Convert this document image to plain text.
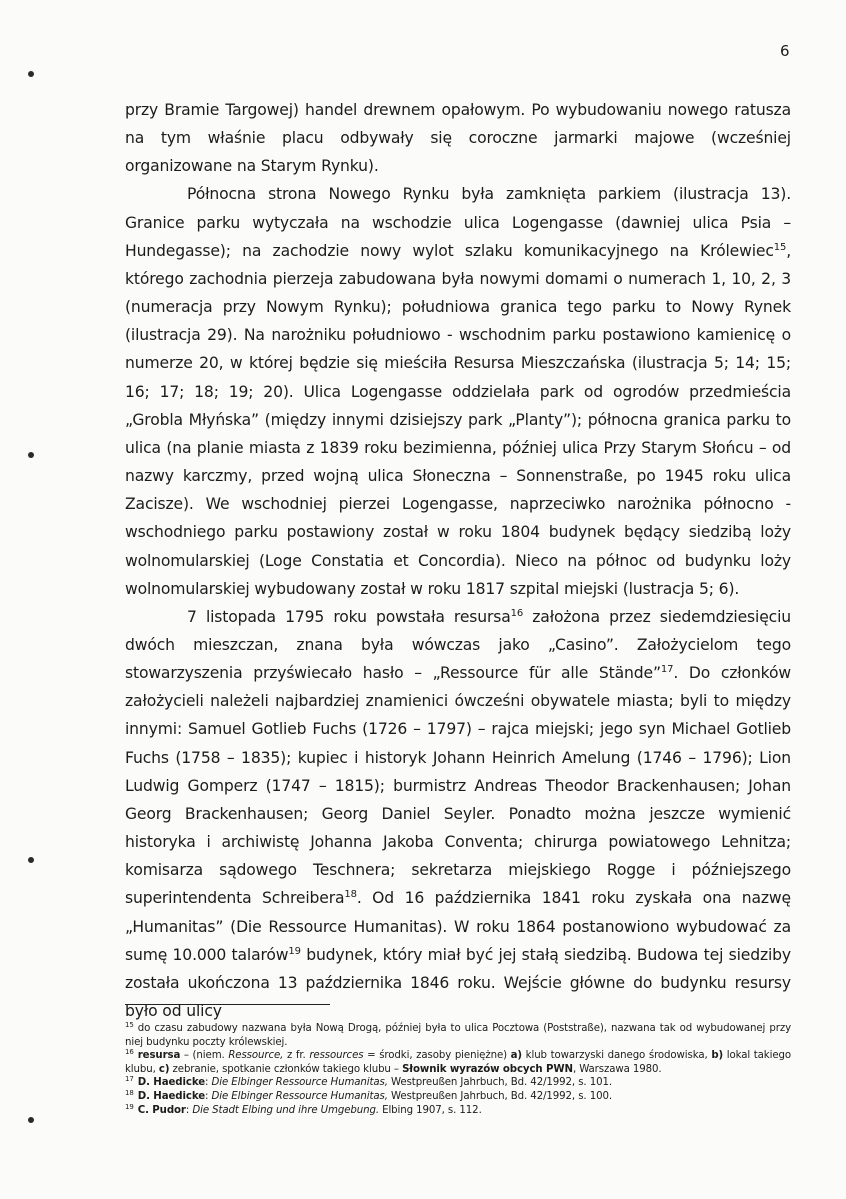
6

przy Bramie Targowej) handel drewnem opałowym. Po wybudowaniu nowego ratusza na tym właśnie placu odbywały się coroczne jarmarki majowe (wcześniej organizowane na Starym Rynku).

Północna strona Nowego Rynku była zamknięta parkiem (ilustracja 13). Granice parku wytyczała na wschodzie ulica Logengasse (dawniej ulica Psia – Hundegasse); na zachodzie nowy wylot szlaku komunikacyjnego na Królewiec$^{15}$, którego zachodnia pierzeja zabudowana była nowymi domami o numerach 1, 10, 2, 3 (numeracja przy Nowym Rynku); południowa granica tego parku to Nowy Rynek (ilustracja 29). Na narożniku południowo - wschodnim parku postawiono kamienicę o numerze 20, w której będzie się mieściła Resursa Mieszczańska (ilustracja 5; 14; 15; 16; 17; 18; 19; 20). Ulica Logengasse oddzielała park od ogrodów przedmieścia „Grobla Młyńska” (między innymi dzisiejszy park „Planty”); północna granica parku to ulica (na planie miasta z 1839 roku bezimienna, później ulica Przy Starym Słońcu – od nazwy karczmy, przed wojną ulica Słoneczna – Sonnenstraße, po 1945 roku ulica Zacisze). We wschodniej pierzei Logengasse, naprzeciwko narożnika północno - wschodniego parku postawiony został w roku 1804 budynek będący siedzibą loży wolnomularskiej (Loge Constatia et Concordia). Nieco na północ od budynku loży wolnomularskiej wybudowany został w roku 1817 szpital miejski (lustracja 5; 6).

7 listopada 1795 roku powstała resursa$^{16}$ założona przez siedemdziesięciu dwóch mieszczan, znana była wówczas jako „Casino”. Założycielom tego stowarzyszenia przyświecało hasło – „Ressource für alle Stände”$^{17}$. Do członków założycieli należeli najbardziej znamienici ówcześni obywatele miasta; byli to między innymi: Samuel Gotlieb Fuchs (1726 – 1797) – rajca miejski; jego syn Michael Gotlieb Fuchs (1758 – 1835); kupiec i historyk Johann Heinrich Amelung (1746 – 1796); Lion Ludwig Gomperz (1747 – 1815); burmistrz Andreas Theodor Brackenhausen; Johan Georg Brackenhausen; Georg Daniel Seyler. Ponadto można jeszcze wymienić historyka i archiwistę Johanna Jakoba Conventa; chirurga powiatowego Lehnitza; komisarza sądowego Teschnera; sekretarza miejskiego Rogge i późniejszego superintendenta Schreibera$^{18}$. Od 16 października 1841 roku zyskała ona nazwę „Humanitas” (Die Ressource Humanitas). W roku 1864 postanowiono wybudować za sumę 10.000 talarów$^{19}$ budynek, który miał być jej stałą siedzibą. Budowa tej siedziby została ukończona 13 października 1846 roku. Wejście główne do budynku resursy było od ulicy

$^{15}$ do czasu zabudowy nazwana była Nową Drogą, później była to ulica Pocztowa (Poststraße), nazwana tak od wybudowanej przy niej budynku poczty królewskiej.

$^{16}$ resursa – (niem. Ressource, z fr. ressources = środki, zasoby pieniężne) a) klub towarzyski danego środowiska, b) lokal takiego klubu, c) zebranie, spotkanie członków takiego klubu – Słownik wyrazów obcych PWN, Warszawa 1980.

$^{17}$ D. Haedicke: Die Elbinger Ressource Humanitas, Westpreußen Jahrbuch, Bd. 42/1992, s. 101.

$^{18}$ D. Haedicke: Die Elbinger Ressource Humanitas, Westpreußen Jahrbuch, Bd. 42/1992, s. 100.

$^{19}$ C. Pudor: Die Stadt Elbing und ihre Umgebung. Elbing 1907, s. 112.
